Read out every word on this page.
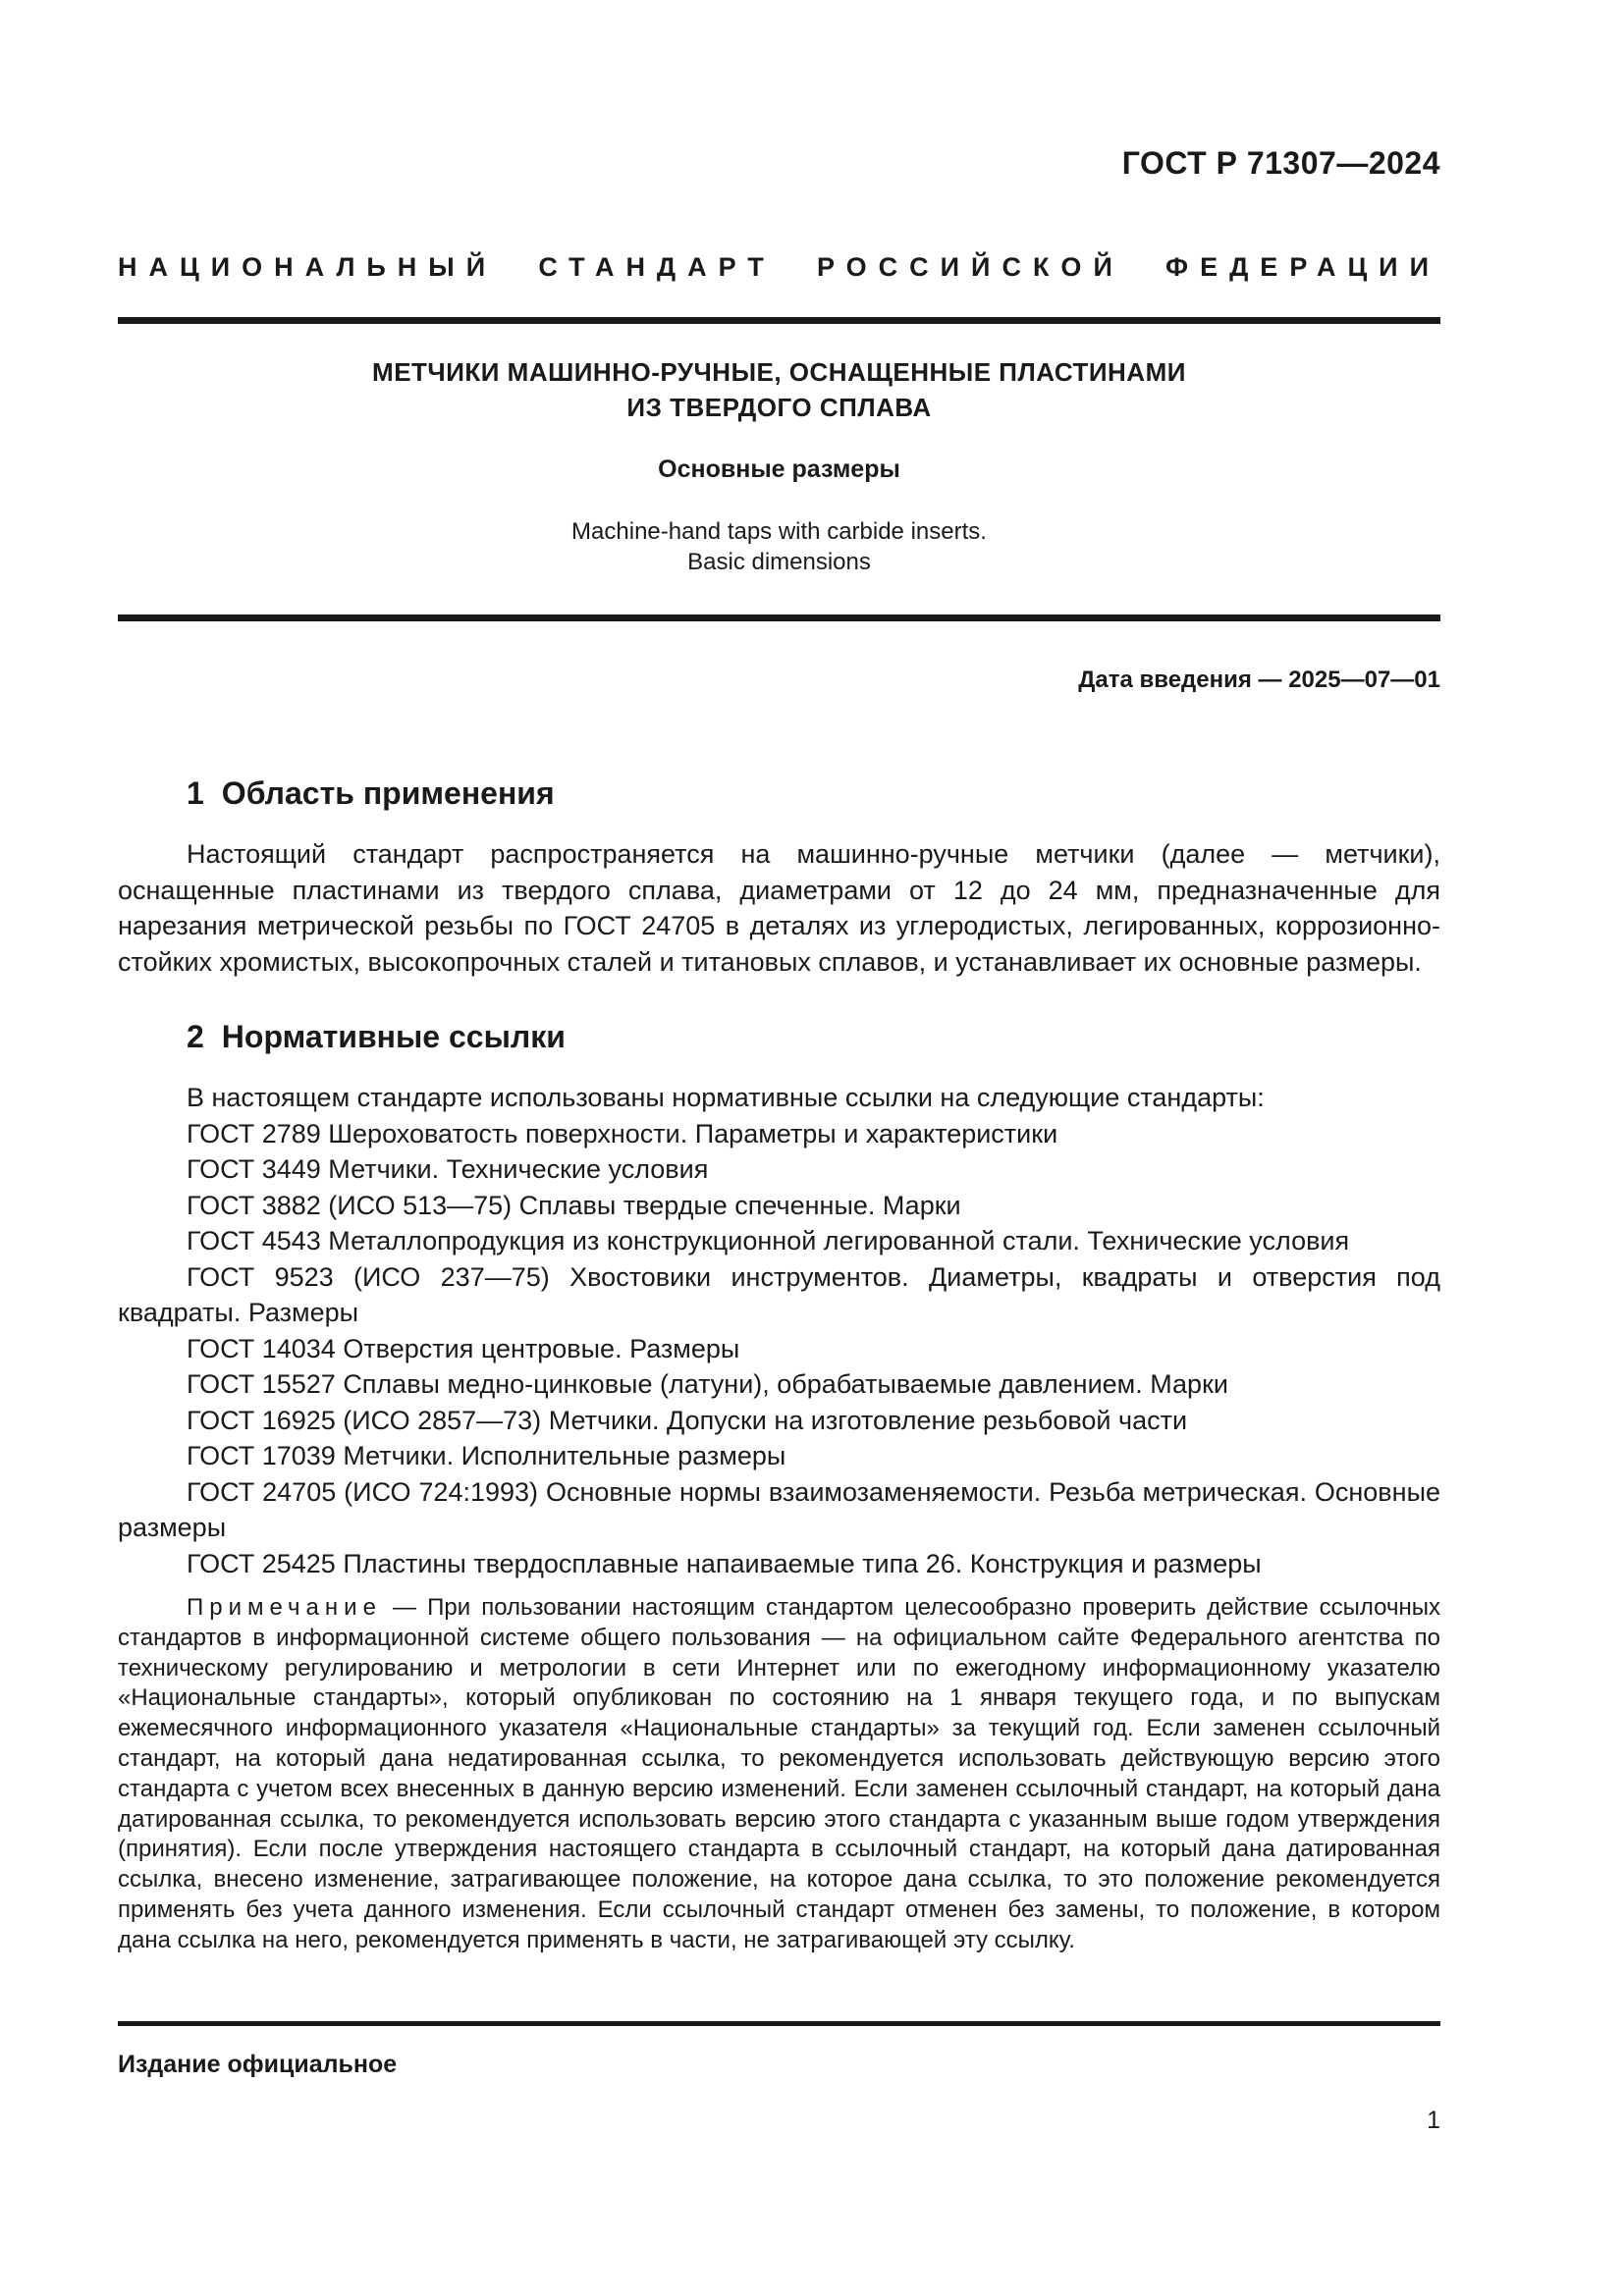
ГОСТ Р 71307—2024
НАЦИОНАЛЬНЫЙ СТАНДАРТ РОССИЙСКОЙ ФЕДЕРАЦИИ
МЕТЧИКИ МАШИННО-РУЧНЫЕ, ОСНАЩЕННЫЕ ПЛАСТИНАМИ
ИЗ ТВЕРДОГО СПЛАВА
Основные размеры
Machine-hand taps with carbide inserts.
Basic dimensions
Дата введения — 2025—07—01
1 Область применения

Настоящий стандарт распространяется на машинно-ручные метчики (далее — метчики), оснащенные пластинами из твердого сплава, диаметрами от 12 до 24 мм, предназначенные для нарезания метрической резьбы по ГОСТ 24705 в деталях из углеродистых, легированных, коррозионно-стойких хромистых, высокопрочных сталей и титановых сплавов, и устанавливает их основные размеры.

2 Нормативные ссылки

В настоящем стандарте использованы нормативные ссылки на следующие стандарты:

ГОСТ 2789 Шероховатость поверхности. Параметры и характеристики

ГОСТ 3449 Метчики. Технические условия

ГОСТ 3882 (ИСО 513—75) Сплавы твердые спеченные. Марки

ГОСТ 4543 Металлопродукция из конструкционной легированной стали. Технические условия

ГОСТ 9523 (ИСО 237—75) Хвостовики инструментов. Диаметры, квадраты и отверстия под квадраты. Размеры

ГОСТ 14034 Отверстия центровые. Размеры

ГОСТ 15527 Сплавы медно-цинковые (латуни), обрабатываемые давлением. Марки

ГОСТ 16925 (ИСО 2857—73) Метчики. Допуски на изготовление резьбовой части

ГОСТ 17039 Метчики. Исполнительные размеры

ГОСТ 24705 (ИСО 724:1993) Основные нормы взаимозаменяемости. Резьба метрическая. Основные размеры

ГОСТ 25425 Пластины твердосплавные напаиваемые типа 26. Конструкция и размеры

Примечание — При пользовании настоящим стандартом целесообразно проверить действие ссылочных стандартов в информационной системе общего пользования — на официальном сайте Федерального агентства по техническому регулированию и метрологии в сети Интернет или по ежегодному информационному указателю «Национальные стандарты», который опубликован по состоянию на 1 января текущего года, и по выпускам ежемесячного информационного указателя «Национальные стандарты» за текущий год. Если заменен ссылочный стандарт, на который дана недатированная ссылка, то рекомендуется использовать действующую версию этого стандарта с учетом всех внесенных в данную версию изменений. Если заменен ссылочный стандарт, на который дана датированная ссылка, то рекомендуется использовать версию этого стандарта с указанным выше годом утверждения (принятия). Если после утверждения настоящего стандарта в ссылочный стандарт, на который дана датированная ссылка, внесено изменение, затрагивающее положение, на которое дана ссылка, то это положение рекомендуется применять без учета данного изменения. Если ссылочный стандарт отменен без замены, то положение, в котором дана ссылка на него, рекомендуется применять в части, не затрагивающей эту ссылку.

Издание официальное
1
